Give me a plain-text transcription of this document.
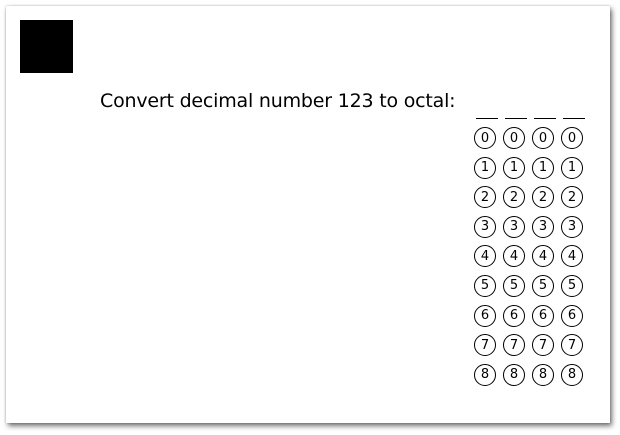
Convert decimal number 123 to octal:
0	0	0	0
1	1	1	1
2	2	2	2
3	3	3	3
4	4	4	4
5	5	5	5
6	6	6	6
7	7	7	7
8	8	8	8
